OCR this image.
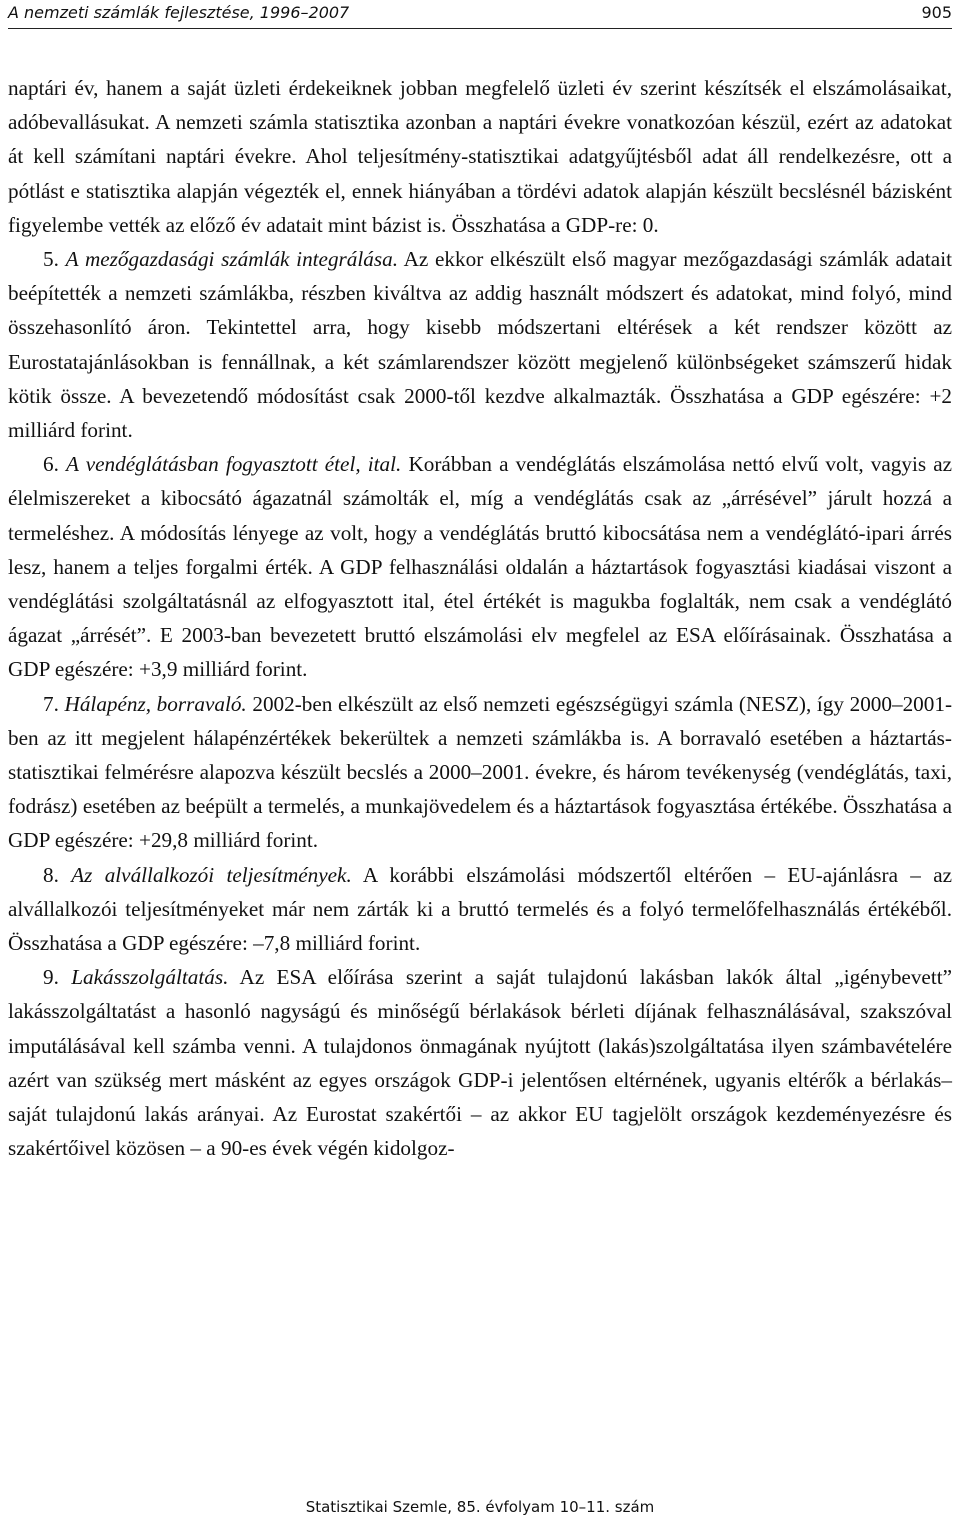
A nemzeti számlák fejlesztése, 1996–2007	905

naptári év, hanem a saját üzleti érdekeiknek jobban megfelelő üzleti év szerint készítsék el elszámolásaikat, adóbevallásukat. A nemzeti számla statisztika azonban a naptári évekre vonatkozóan készül, ezért az adatokat át kell számítani naptári évekre. Ahol teljesítmény-statisztikai adatgyűjtésből adat áll rendelkezésre, ott a pótlást e statisztika alapján végezték el, ennek hiányában a tördévi adatok alapján készült becslésnél bázisként figyelembe vették az előző év adatait mint bázist is. Összhatása a GDP-re: 0.

5. A mezőgazdasági számlák integrálása. Az ekkor elkészült első magyar mezőgazdasági számlák adatait beépítették a nemzeti számlákba, részben kiváltva az addig használt módszert és adatokat, mind folyó, mind összehasonlító áron. Tekintettel arra, hogy kisebb módszertani eltérések a két rendszer között az Eurostatajánlásokban is fennállnak, a két számlarendszer között megjelenő különbségeket számszerű hidak kötik össze. A bevezetendő módosítást csak 2000-től kezdve alkalmazták. Összhatása a GDP egészére: +2 milliárd forint.

6. A vendéglátásban fogyasztott étel, ital. Korábban a vendéglátás elszámolása nettó elvű volt, vagyis az élelmiszereket a kibocsátó ágazatnál számolták el, míg a vendéglátás csak az „árrésével” járult hozzá a termeléshez. A módosítás lényege az volt, hogy a vendéglátás bruttó kibocsátása nem a vendéglátó-ipari árrés lesz, hanem a teljes forgalmi érték. A GDP felhasználási oldalán a háztartások fogyasztási kiadásai viszont a vendéglátási szolgáltatásnál az elfogyasztott ital, étel értékét is magukba foglalták, nem csak a vendéglátó ágazat „árrését”. E 2003-ban bevezetett bruttó elszámolási elv megfelel az ESA előírásainak. Összhatása a GDP egészére: +3,9 milliárd forint.

7. Hálapénz, borravaló. 2002-ben elkészült az első nemzeti egészségügyi számla (NESZ), így 2000–2001-ben az itt megjelent hálapénzértékek bekerültek a nemzeti számlákba is. A borravaló esetében a háztartás-statisztikai felmérésre alapozva készült becslés a 2000–2001. évekre, és három tevékenység (vendéglátás, taxi, fodrász) esetében az beépült a termelés, a munkajövedelem és a háztartások fogyasztása értékébe. Összhatása a GDP egészére: +29,8 milliárd forint.

8. Az alvállalkozói teljesítmények. A korábbi elszámolási módszertől eltérően – EU-ajánlásra – az alvállalkozói teljesítményeket már nem zárták ki a bruttó termelés és a folyó termelőfelhasználás értékéből. Összhatása a GDP egészére: –7,8 milliárd forint.

9. Lakásszolgáltatás. Az ESA előírása szerint a saját tulajdonú lakásban lakók által „igénybevett” lakásszolgáltatást a hasonló nagyságú és minőségű bérlakások bérleti díjának felhasználásával, szakszóval imputálásával kell számba venni. A tulajdonos önmagának nyújtott (lakás)szolgáltatása ilyen számbavételére azért van szükség mert másként az egyes országok GDP-i jelentősen eltérnének, ugyanis eltérők a bérlakás–saját tulajdonú lakás arányai. Az Eurostat szakértői – az akkor EU tagjelölt országok kezdeményezésre és szakértőivel közösen – a 90-es évek végén kidolgoz-

Statisztikai Szemle, 85. évfolyam 10–11. szám
